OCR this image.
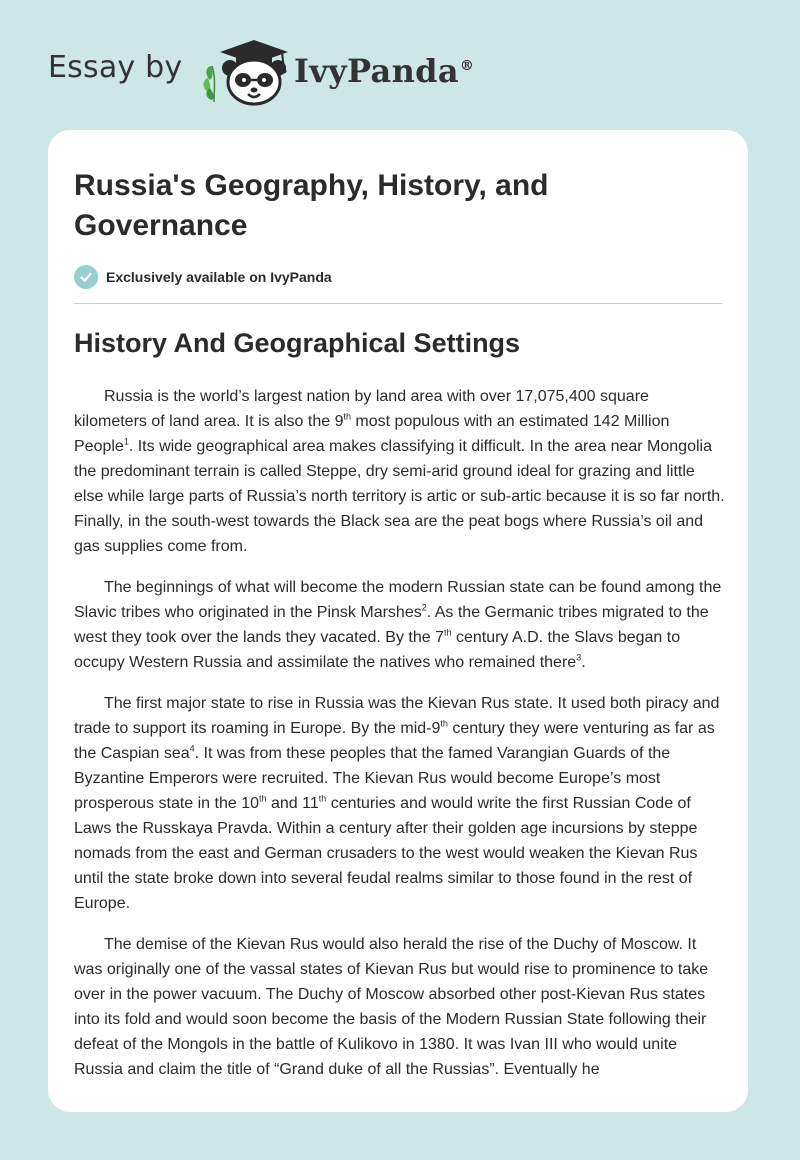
Essay by	IvyPanda®
Russia's Geography, History, and Governance
Exclusively available on IvyPanda
History And Geographical Settings

Russia is the world’s largest nation by land area with over 17,075,400 square kilometers of land area. It is also the 9th most populous with an estimated 142 Million People$^1$. Its wide geographical area makes classifying it difficult. In the area near Mongolia the predominant terrain is called Steppe, dry semi-arid ground ideal for grazing and little else while large parts of Russia’s north territory is artic or sub-artic because it is so far north. Finally, in the south-west towards the Black sea are the peat bogs where Russia’s oil and gas supplies come from.

The beginnings of what will become the modern Russian state can be found among the Slavic tribes who originated in the Pinsk Marshes$^2$. As the Germanic tribes migrated to the west they took over the lands they vacated. By the 7th century A.D. the Slavs began to occupy Western Russia and assimilate the natives who remained there$^3$.

The first major state to rise in Russia was the Kievan Rus state. It used both piracy and trade to support its roaming in Europe. By the mid-9th century they were venturing as far as the Caspian sea$^4$. It was from these peoples that the famed Varangian Guards of the Byzantine Emperors were recruited. The Kievan Rus would become Europe’s most prosperous state in the 10th and 11th centuries and would write the first Russian Code of Laws the Russkaya Pravda. Within a century after their golden age incursions by steppe nomads from the east and German crusaders to the west would weaken the Kievan Rus until the state broke down into several feudal realms similar to those found in the rest of Europe.

The demise of the Kievan Rus would also herald the rise of the Duchy of Moscow. It was originally one of the vassal states of Kievan Rus but would rise to prominence to take over in the power vacuum. The Duchy of Moscow absorbed other post-Kievan Rus states into its fold and would soon become the basis of the Modern Russian State following their defeat of the Mongols in the battle of Kulikovo in 1380. It was Ivan III who would unite Russia and claim the title of “Grand duke of all the Russias”. Eventually he
